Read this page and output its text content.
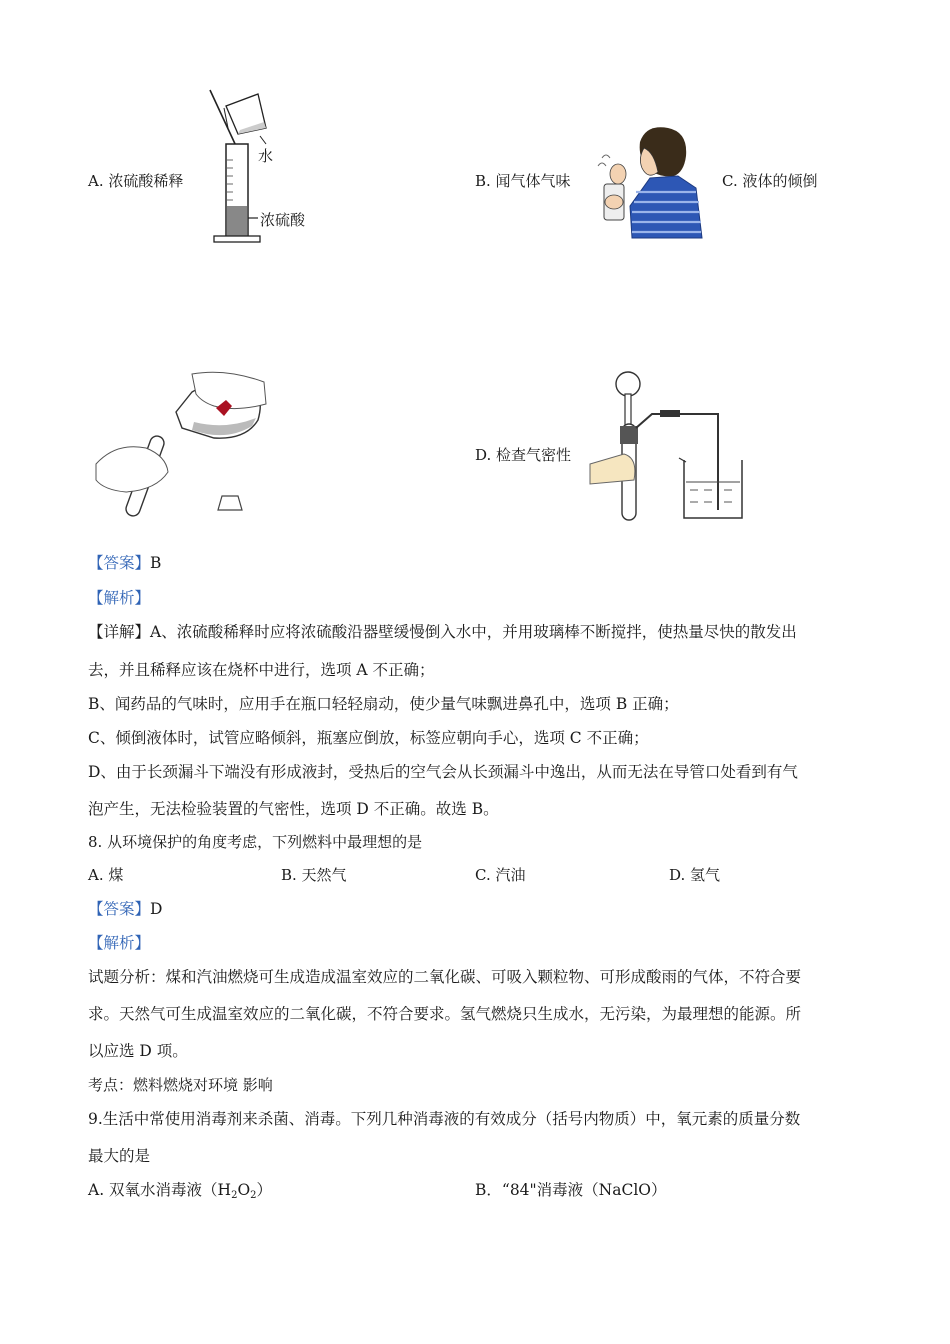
A. 浓硫酸稀释	B. 闻气体气味	C. 液体的倾倒
D. 检查气密性
水
浓硫酸
【答案】B
【解析】
【详解】A、浓硫酸稀释时应将浓硫酸沿器壁缓慢倒入水中，并用玻璃棒不断搅拌，使热量尽快的散发出
去，并且稀释应该在烧杯中进行，选项 A 不正确；
B、闻药品的气味时，应用手在瓶口轻轻扇动，使少量气味飘进鼻孔中，选项 B 正确；
C、倾倒液体时，试管应略倾斜，瓶塞应倒放，标签应朝向手心，选项 C 不正确；
D、由于长颈漏斗下端没有形成液封，受热后的空气会从长颈漏斗中逸出，从而无法在导管口处看到有气
泡产生，无法检验装置的气密性，选项 D 不正确。故选 B。
8. 从环境保护的角度考虑，下列燃料中最理想的是
A. 煤	B. 天然气	C. 汽油	D. 氢气
【答案】D
【解析】
试题分析：煤和汽油燃烧可生成造成温室效应的二氧化碳、可吸入颗粒物、可形成酸雨的气体，不符合要
求。天然气可生成温室效应的二氧化碳，不符合要求。氢气燃烧只生成水，无污染，为最理想的能源。所
以应选 D 项。
考点：燃料燃烧对环境 影响
9.生活中常使用消毒剂来杀菌、消毒。下列几种消毒液的有效成分（括号内物质）中，氧元素的质量分数
最大的是
A. 双氧水消毒液$(H_2O_2)$	B．“84"消毒液（NaClO）
